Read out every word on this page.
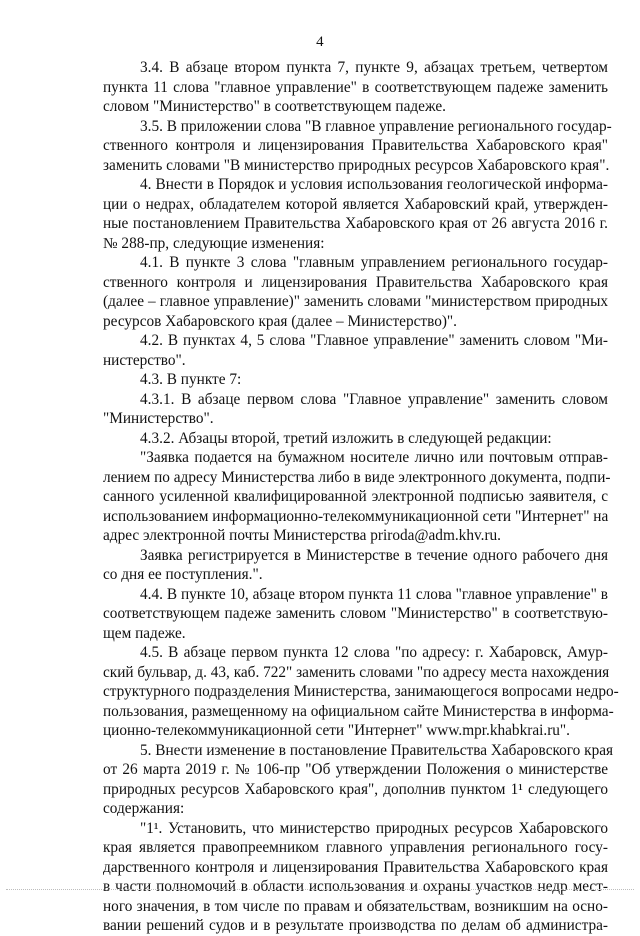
4
3.4. В абзаце втором пункта 7, пункте 9, абзацах третьем, четвертом
пункта 11 слова "главное управление" в соответствующем падеже заменить
словом "Министерство" в соответствующем падеже.
3.5. В приложении слова "В главное управление регионального государ-
ственного контроля и лицензирования Правительства Хабаровского края"
заменить словами "В министерство природных ресурсов Хабаровского края".
4. Внести в Порядок и условия использования геологической информа-
ции о недрах, обладателем которой является Хабаровский край, утвержден-
ные постановлением Правительства Хабаровского края от 26 августа 2016 г.
№ 288-пр, следующие изменения:
4.1. В пункте 3 слова "главным управлением регионального государ-
ственного контроля и лицензирования Правительства Хабаровского края
(далее – главное управление)" заменить словами "министерством природных
ресурсов Хабаровского края (далее – Министерство)".
4.2. В пунктах 4, 5 слова "Главное управление" заменить словом "Ми-
нистерство".
4.3. В пункте 7:
4.3.1. В абзаце первом слова "Главное управление" заменить словом
"Министерство".
4.3.2. Абзацы второй, третий изложить в следующей редакции:
"Заявка подается на бумажном носителе лично или почтовым отправ-
лением по адресу Министерства либо в виде электронного документа, подпи-
санного усиленной квалифицированной электронной подписью заявителя, с
использованием информационно-телекоммуникационной сети "Интернет" на
адрес электронной почты Министерства priroda@adm.khv.ru.
Заявка регистрируется в Министерстве в течение одного рабочего дня
со дня ее поступления.".
4.4. В пункте 10, абзаце втором пункта 11 слова "главное управление" в
соответствующем падеже заменить словом "Министерство" в соответствую-
щем падеже.
4.5. В абзаце первом пункта 12 слова "по адресу: г. Хабаровск, Амур-
ский бульвар, д. 43, каб. 722" заменить словами "по адресу места нахождения
структурного подразделения Министерства, занимающегося вопросами недро-
пользования, размещенному на официальном сайте Министерства в информа-
ционно-телекоммуникационной сети "Интернет" www.mpr.khabkrai.ru".
5. Внести изменение в постановление Правительства Хабаровского края
от 26 марта 2019 г. № 106-пр "Об утверждении Положения о министерстве
природных ресурсов Хабаровского края", дополнив пунктом 1¹ следующего
содержания:
"1¹. Установить, что министерство природных ресурсов Хабаровского
края является правопреемником главного управления регионального госу-
дарственного контроля и лицензирования Правительства Хабаровского края
в части полномочий в области использования и охраны участков недр мест-
ного значения, в том числе по правам и обязательствам, возникшим на осно-
вании решений судов и в результате производства по делам об администра-
